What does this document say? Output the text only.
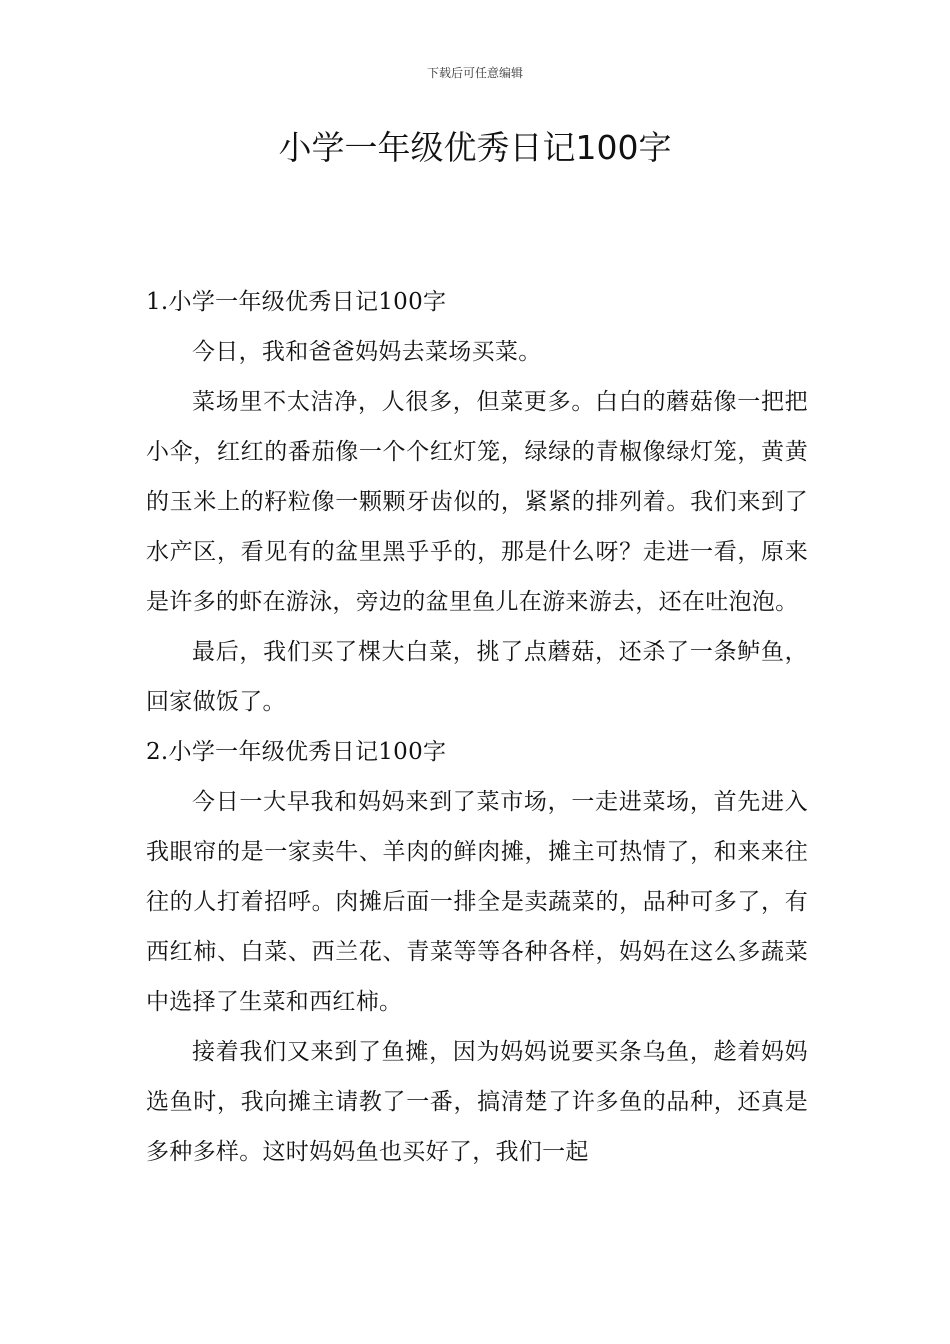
下载后可任意编辑
小学一年级优秀日记100字

1.小学一年级优秀日记100字

今日，我和爸爸妈妈去菜场买菜。

菜场里不太洁净，人很多，但菜更多。白白的蘑菇像一把把小伞，红红的番茄像一个个红灯笼，绿绿的青椒像绿灯笼，黄黄的玉米上的籽粒像一颗颗牙齿似的，紧紧的排列着。我们来到了水产区，看见有的盆里黑乎乎的，那是什么呀？走进一看，原来是许多的虾在游泳，旁边的盆里鱼儿在游来游去，还在吐泡泡。

最后，我们买了棵大白菜，挑了点蘑菇，还杀了一条鲈鱼，回家做饭了。

2.小学一年级优秀日记100字

今日一大早我和妈妈来到了菜市场，一走进菜场，首先进入我眼帘的是一家卖牛、羊肉的鲜肉摊，摊主可热情了，和来来往往的人打着招呼。肉摊后面一排全是卖蔬菜的，品种可多了，有西红柿、白菜、西兰花、青菜等等各种各样，妈妈在这么多蔬菜中选择了生菜和西红柿。

接着我们又来到了鱼摊，因为妈妈说要买条乌鱼，趁着妈妈选鱼时，我向摊主请教了一番，搞清楚了许多鱼的品种，还真是多种多样。这时妈妈鱼也买好了，我们一起
